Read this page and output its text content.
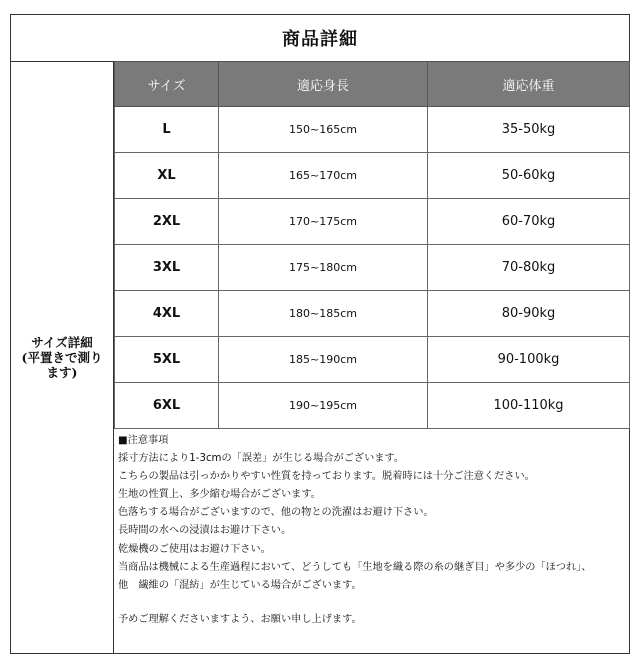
商品詳細
サイズ詳細
(平置きで測り
ます)
サイズ	適応身長	適応体重
L	150~165cm	35-50kg
XL	165~170cm	50-60kg
2XL	170~175cm	60-70kg
3XL	175~180cm	70-80kg
4XL	180~185cm	80-90kg
5XL	185~190cm	90-100kg
6XL	190~195cm	100-110kg
■注意事項
採寸方法により1-3cmの「誤差」が生じる場合がございます。
こちらの製品は引っかかりやすい性質を持っております。脱着時には十分ご注意ください。
生地の性質上、多少縮む場合がございます。
色落ちする場合がございますので、他の物との洗濯はお避け下さい。
長時間の水への浸漬はお避け下さい。
乾燥機のご使用はお避け下さい。
当商品は機械による生産過程において、どうしても「生地を織る際の糸の継ぎ目」や多少の「ほつれ」、
他　繊維の「混紡」が生じている場合がございます。
予めご理解くださいますよう、お願い申し上げます。
